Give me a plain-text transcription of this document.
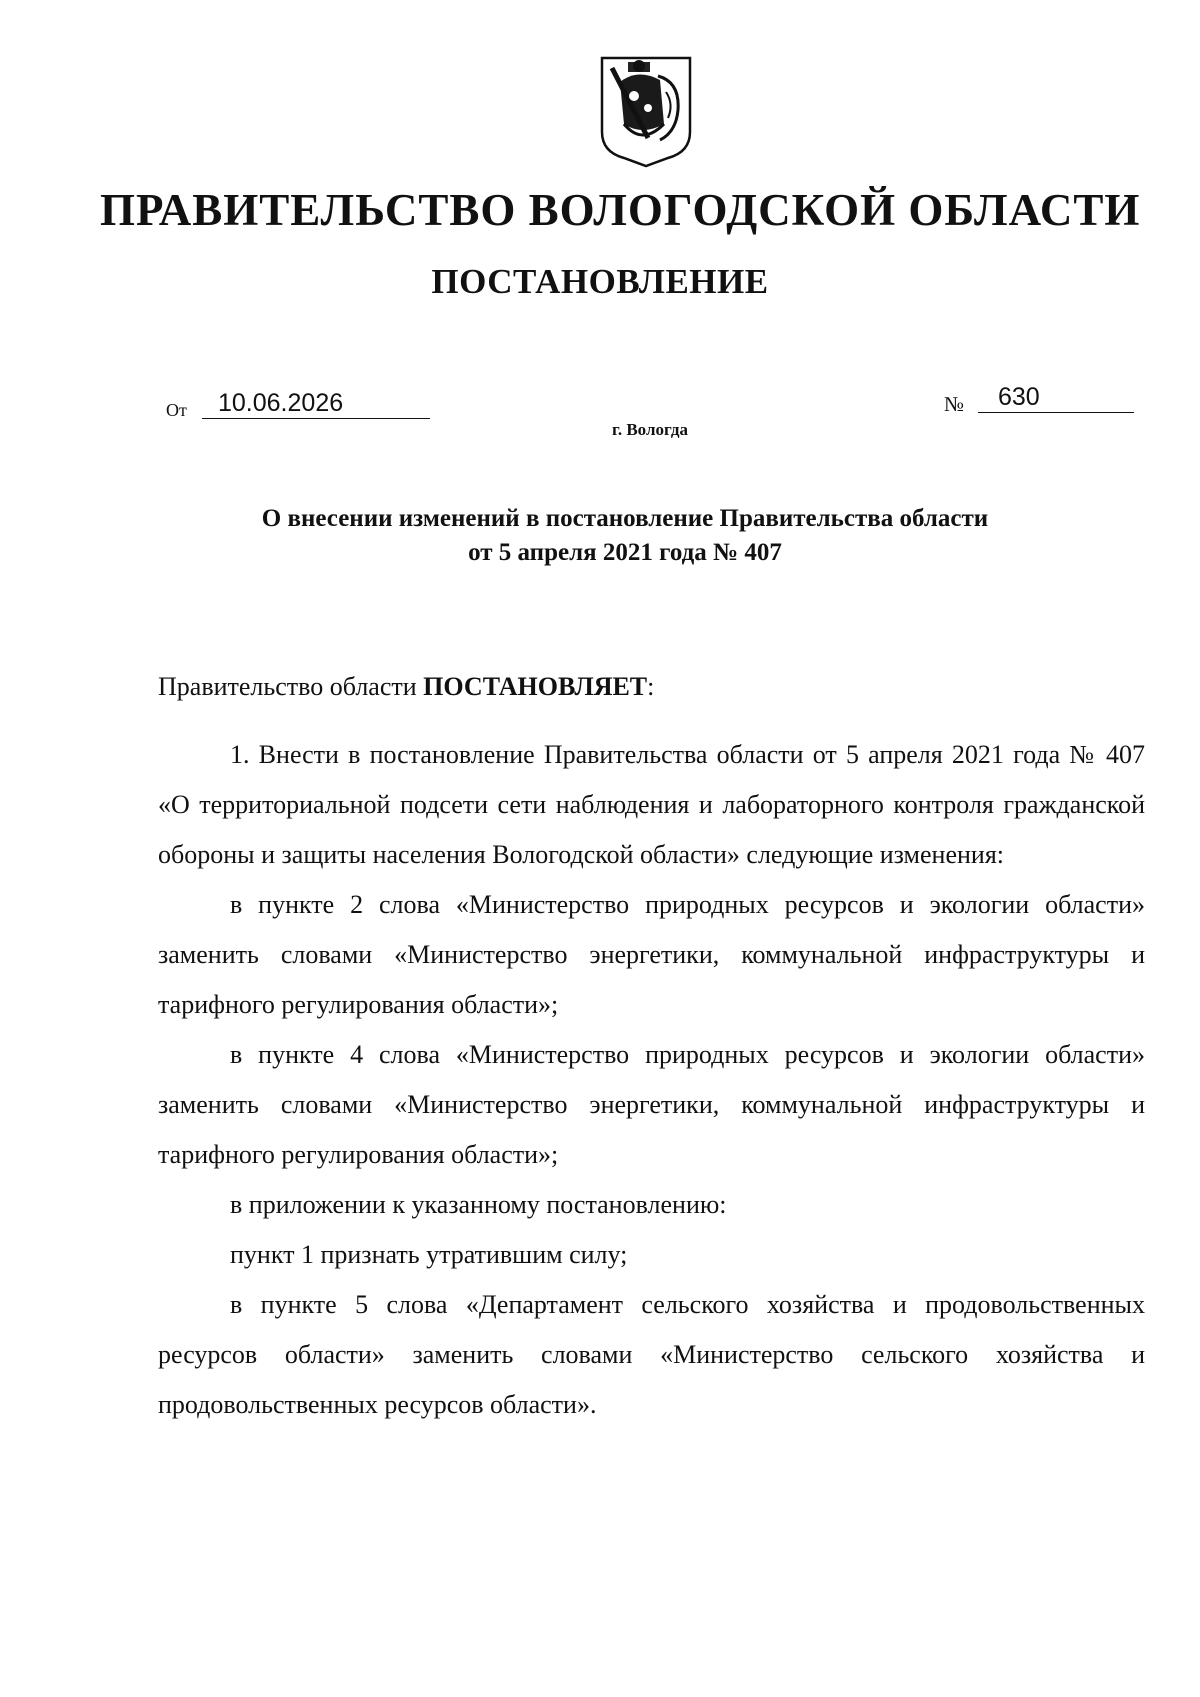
ПРАВИТЕЛЬСТВО ВОЛОГОДСКОЙ ОБЛАСТИ
ПОСТАНОВЛЕНИЕ
От	10.06.2026	№	630
г. Вологда
О внесении изменений в постановление Правительства области
от 5 апреля 2021 года № 407

Правительство области ПОСТАНОВЛЯЕТ:

1. Внести в постановление Правительства области от 5 апреля 2021 года № 407 «О территориальной подсети сети наблюдения и лабораторного контроля гражданской обороны и защиты населения Вологодской области» следующие изменения:

в пункте 2 слова «Министерство природных ресурсов и экологии области» заменить словами «Министерство энергетики, коммунальной инфраструктуры и тарифного регулирования области»;

в пункте 4 слова «Министерство природных ресурсов и экологии области» заменить словами «Министерство энергетики, коммунальной инфраструктуры и тарифного регулирования области»;

в приложении к указанному постановлению:

пункт 1 признать утратившим силу;

в пункте 5 слова «Департамент сельского хозяйства и продовольственных ресурсов области» заменить словами «Министерство сельского хозяйства и продовольственных ресурсов области».
